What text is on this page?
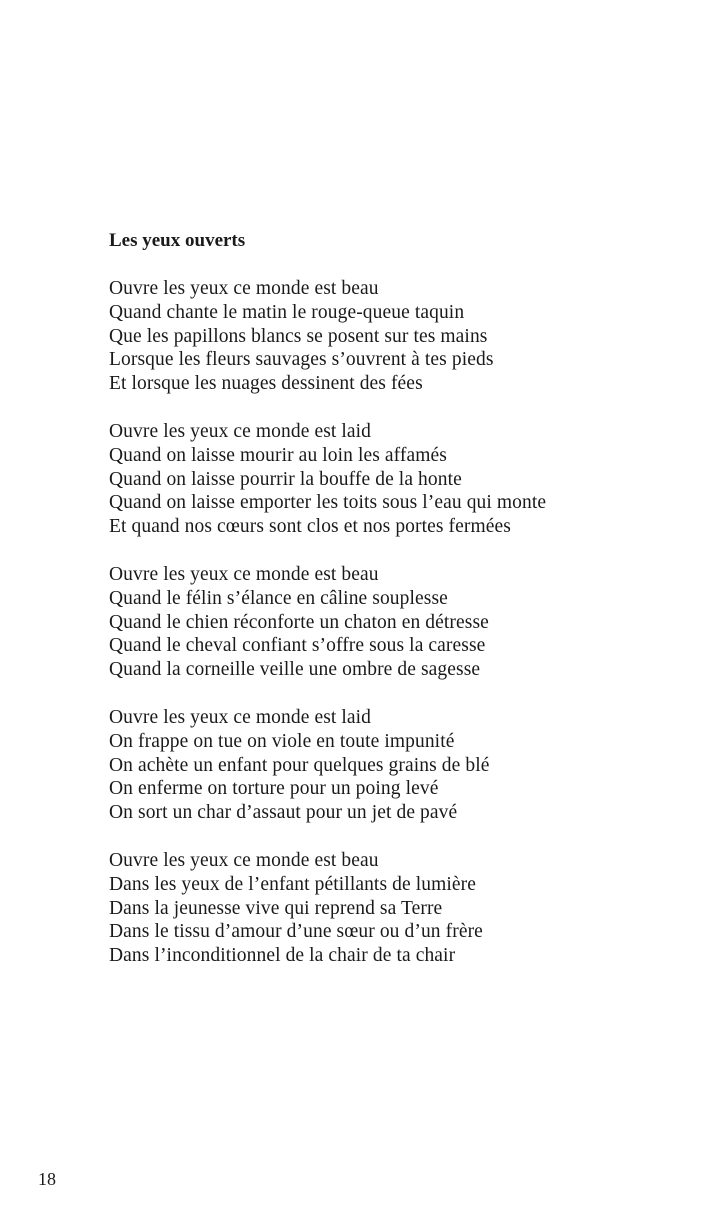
Les yeux ouverts
Ouvre les yeux ce monde est beau
Quand chante le matin le rouge-queue taquin
Que les papillons blancs se posent sur tes mains
Lorsque les fleurs sauvages s’ouvrent à tes pieds
Et lorsque les nuages dessinent des fées
Ouvre les yeux ce monde est laid
Quand on laisse mourir au loin les affamés
Quand on laisse pourrir la bouffe de la honte
Quand on laisse emporter les toits sous l’eau qui monte
Et quand nos cœurs sont clos et nos portes fermées
Ouvre les yeux ce monde est beau
Quand le félin s’élance en câline souplesse
Quand le chien réconforte un chaton en détresse
Quand le cheval confiant s’offre sous la caresse
Quand la corneille veille une ombre de sagesse
Ouvre les yeux ce monde est laid
On frappe on tue on viole en toute impunité
On achète un enfant pour quelques grains de blé
On enferme on torture pour un poing levé
On sort un char d’assaut pour un jet de pavé
Ouvre les yeux ce monde est beau
Dans les yeux de l’enfant pétillants de lumière
Dans la jeunesse vive qui reprend sa Terre
Dans le tissu d’amour d’une sœur ou d’un frère
Dans l’inconditionnel de la chair de ta chair
18
